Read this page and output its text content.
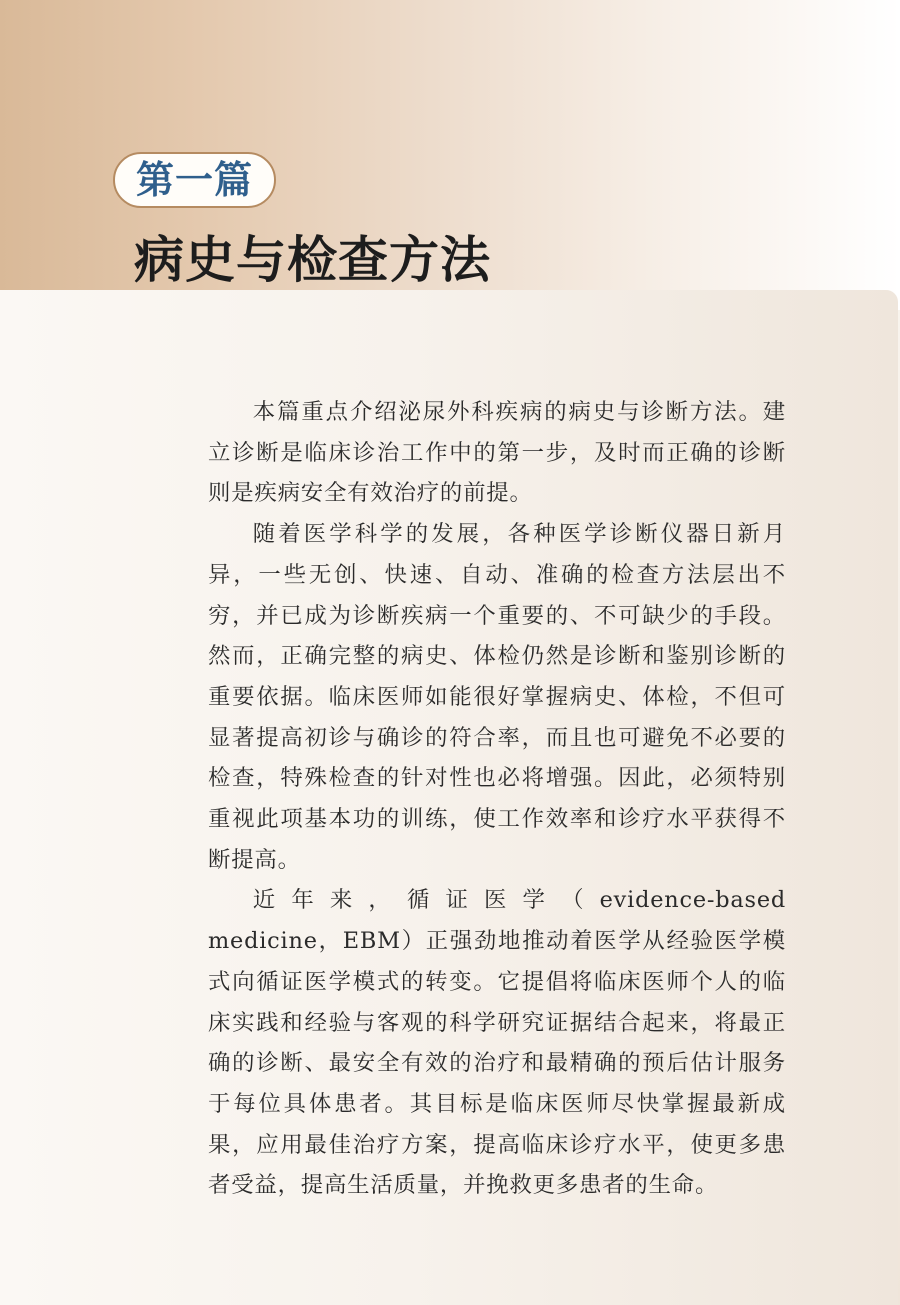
第一篇
病史与检查方法

本篇重点介绍泌尿外科疾病的病史与诊断方法。建立诊断是临床诊治工作中的第一步，及时而正确的诊断则是疾病安全有效治疗的前提。

随着医学科学的发展，各种医学诊断仪器日新月异，一些无创、快速、自动、准确的检查方法层出不穷，并已成为诊断疾病一个重要的、不可缺少的手段。然而，正确完整的病史、体检仍然是诊断和鉴别诊断的重要依据。临床医师如能很好掌握病史、体检，不但可显著提高初诊与确诊的符合率，而且也可避免不必要的检查，特殊检查的针对性也必将增强。因此，必须特别重视此项基本功的训练，使工作效率和诊疗水平获得不断提高。

近年来，循证医学（evidence-based medicine，EBM）正强劲地推动着医学从经验医学模式向循证医学模式的转变。它提倡将临床医师个人的临床实践和经验与客观的科学研究证据结合起来，将最正确的诊断、最安全有效的治疗和最精确的预后估计服务于每位具体患者。其目标是临床医师尽快掌握最新成果，应用最佳治疗方案，提高临床诊疗水平，使更多患者受益，提高生活质量，并挽救更多患者的生命。
